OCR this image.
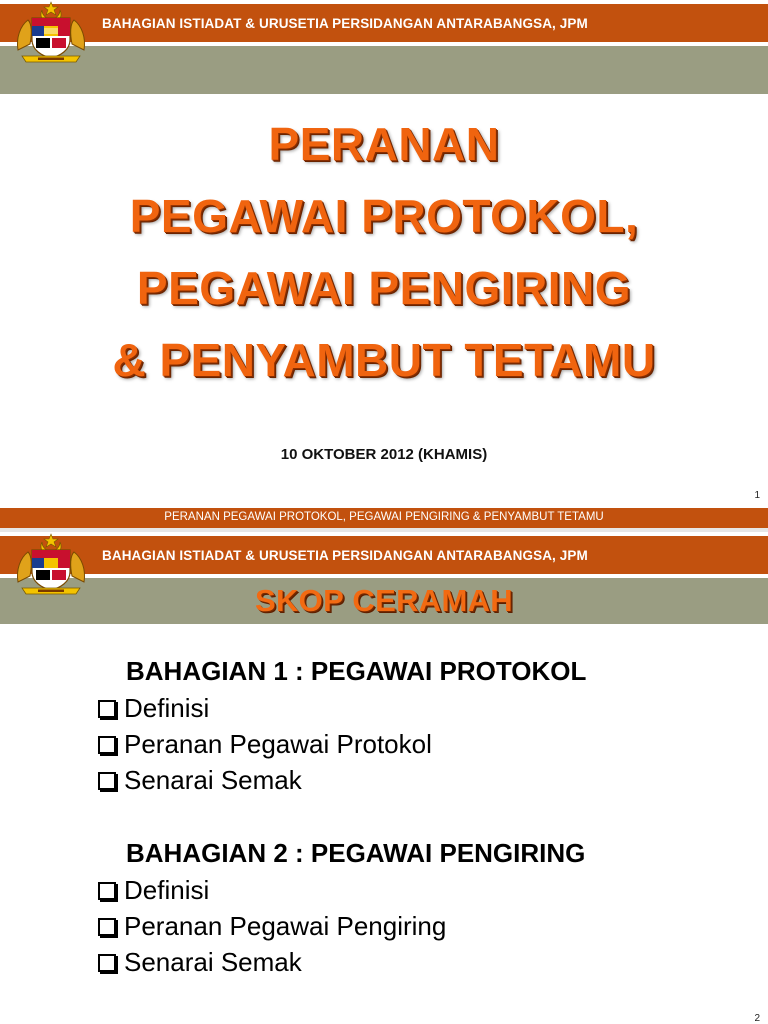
BAHAGIAN ISTIADAT & URUSETIA PERSIDANGAN ANTARABANGSA, JPM
PERANAN
PEGAWAI PROTOKOL,
PEGAWAI PENGIRING
& PENYAMBUT TETAMU
10 OKTOBER 2012 (KHAMIS)
1
PERANAN PEGAWAI PROTOKOL, PEGAWAI PENGIRING & PENYAMBUT TETAMU
BAHAGIAN ISTIADAT & URUSETIA PERSIDANGAN ANTARABANGSA, JPM
SKOP CERAMAH
BAHAGIAN 1 : PEGAWAI PROTOKOL
Definisi
Peranan Pegawai Protokol
Senarai Semak
BAHAGIAN 2 : PEGAWAI PENGIRING
Definisi
Peranan Pegawai Pengiring
Senarai Semak
2
